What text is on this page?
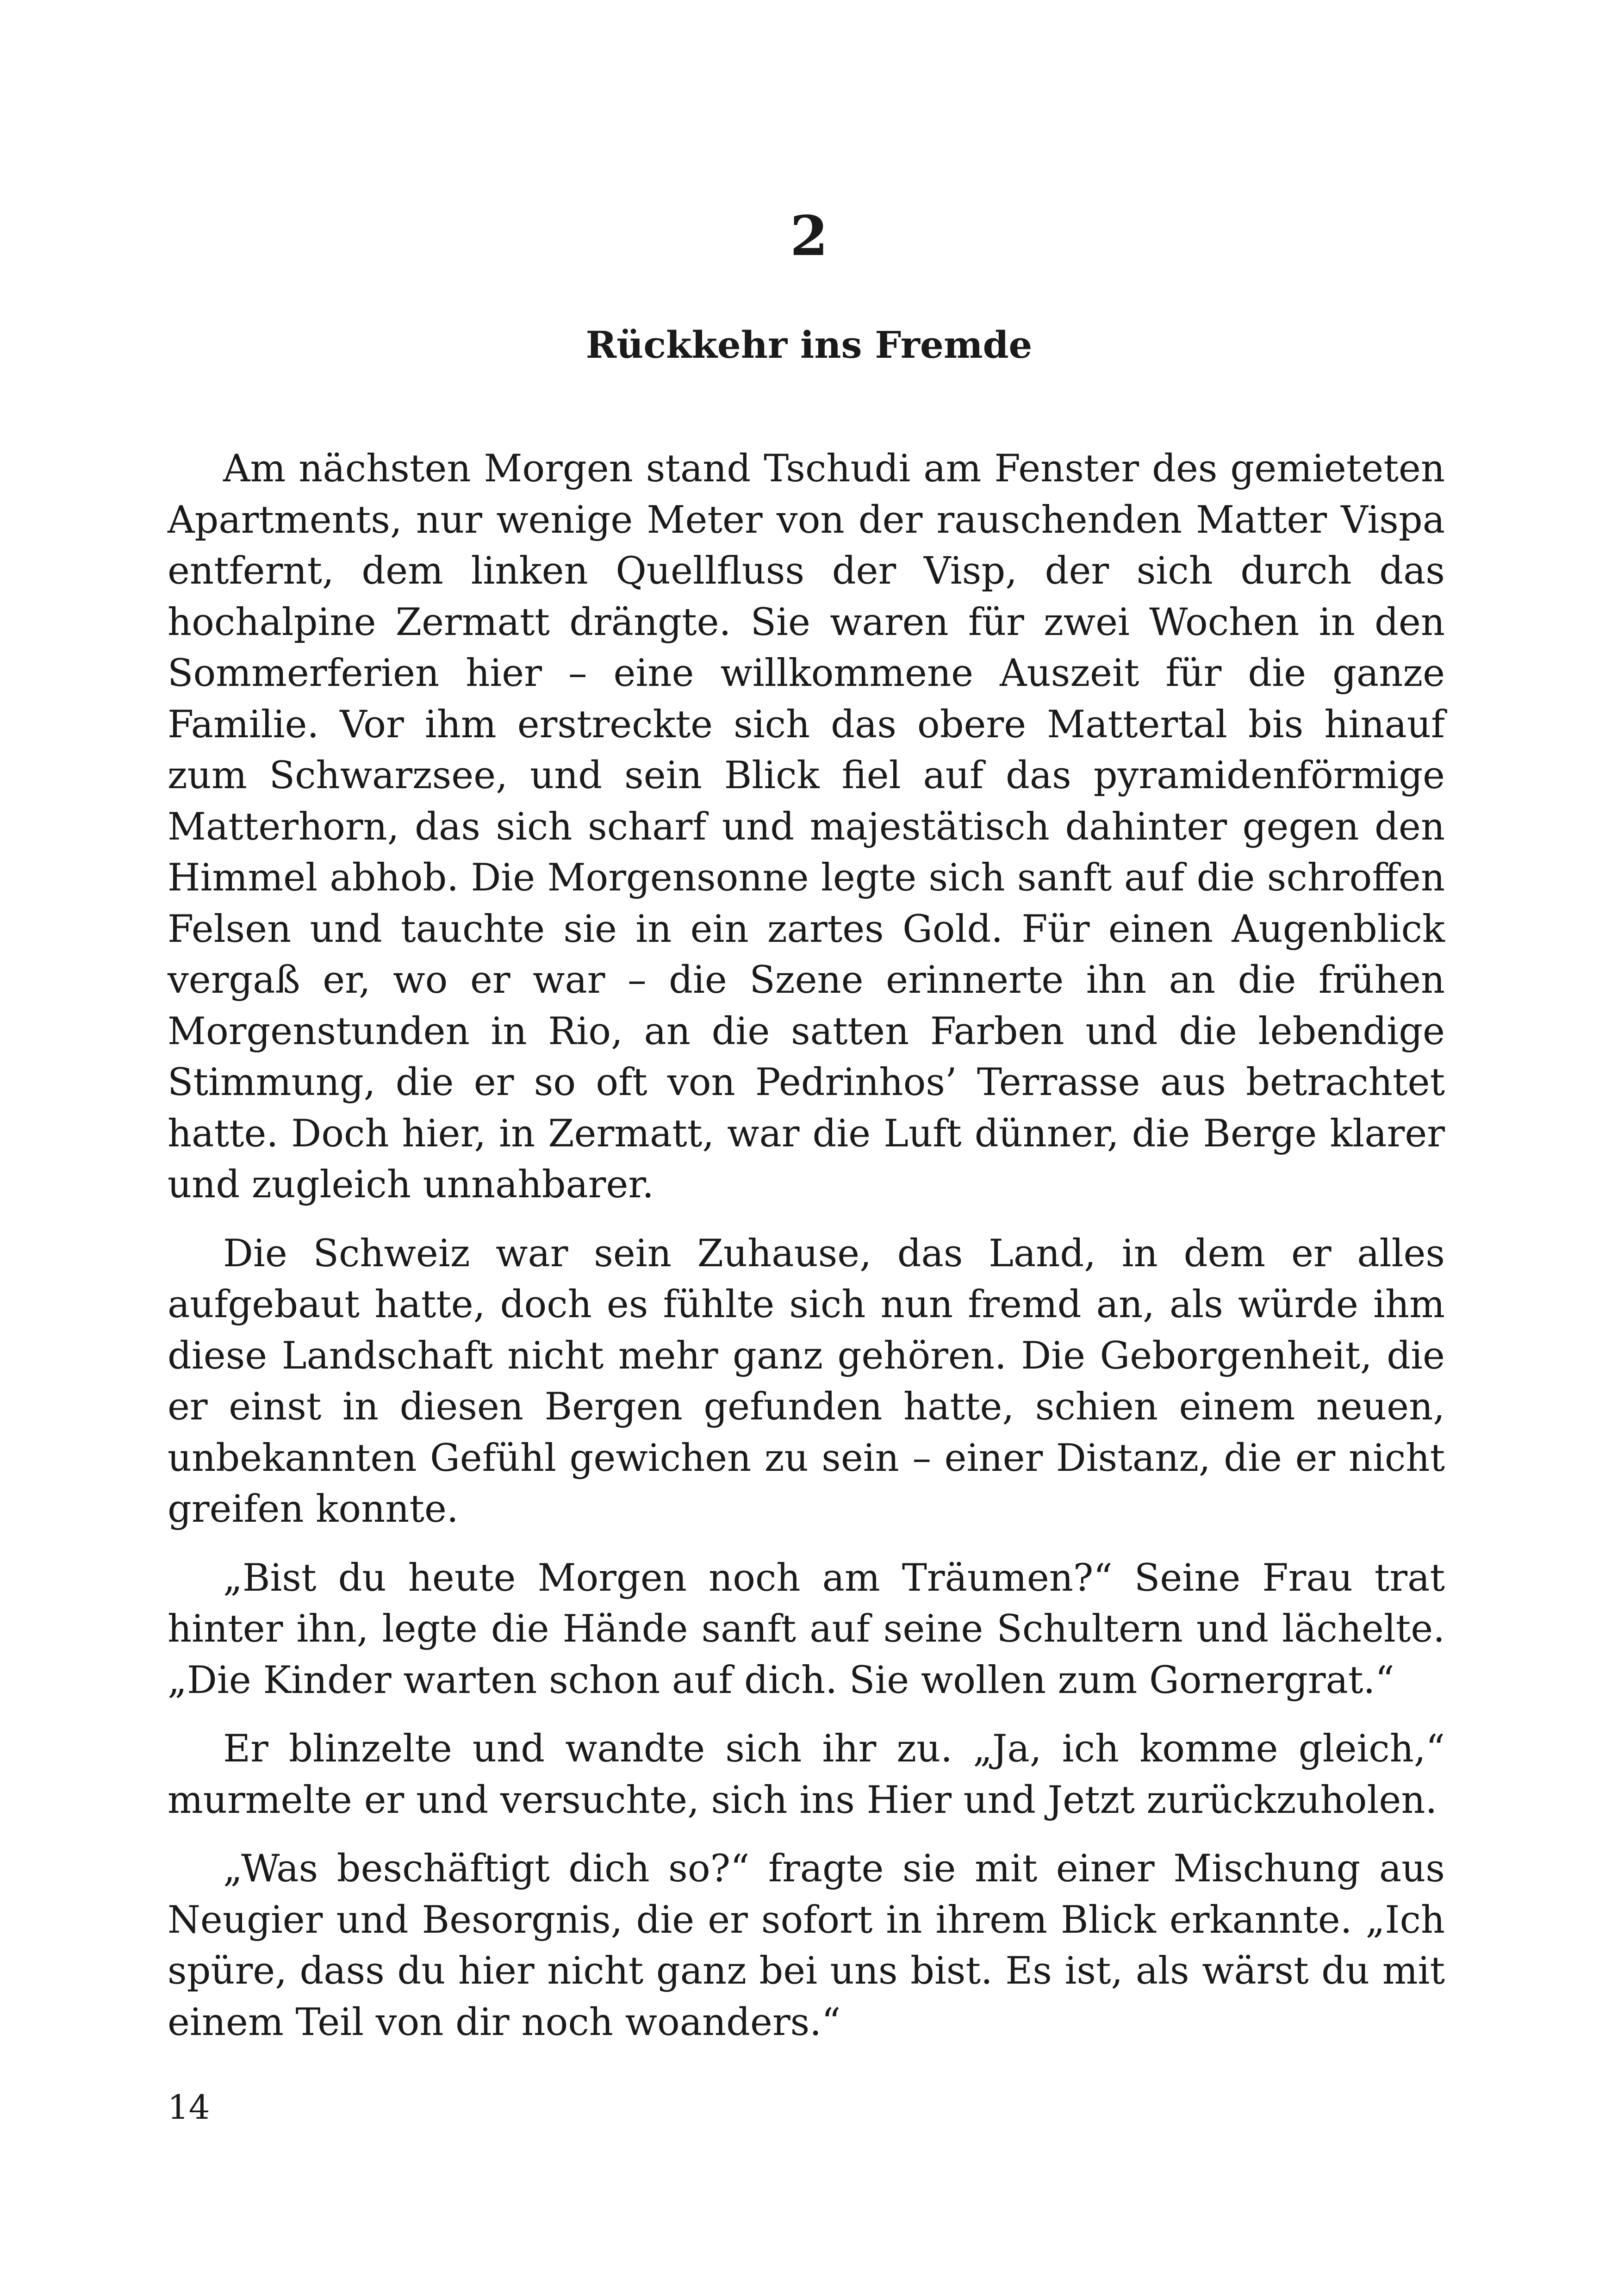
2
Rückkehr ins Fremde

Am nächsten Morgen stand Tschudi am Fenster des gemieteten Apartments, nur wenige Meter von der rauschenden Matter Vispa entfernt, dem linken Quellfluss der Visp, der sich durch das hochalpine Zermatt drängte. Sie waren für zwei Wochen in den Sommerferien hier – eine willkommene Auszeit für die ganze Familie. Vor ihm erstreckte sich das obere Mattertal bis hinauf zum Schwarzsee, und sein Blick fiel auf das pyramidenförmige Matterhorn, das sich scharf und majestätisch dahinter gegen den Himmel abhob. Die Morgensonne legte sich sanft auf die schroffen Felsen und tauchte sie in ein zartes Gold. Für einen Augenblick vergaß er, wo er war – die Szene erinnerte ihn an die frühen Morgenstunden in Rio, an die satten Farben und die lebendige Stimmung, die er so oft von Pedrinhos’ Terrasse aus betrachtet hatte. Doch hier, in Zermatt, war die Luft dünner, die Berge klarer und zugleich unnahbarer.

Die Schweiz war sein Zuhause, das Land, in dem er alles aufgebaut hatte, doch es fühlte sich nun fremd an, als würde ihm diese Landschaft nicht mehr ganz gehören. Die Geborgenheit, die er einst in diesen Bergen gefunden hatte, schien einem neuen, unbekannten Gefühl gewichen zu sein – einer Distanz, die er nicht greifen konnte.

„Bist du heute Morgen noch am Träumen?“ Seine Frau trat hinter ihn, legte die Hände sanft auf seine Schultern und lächelte. „Die Kinder warten schon auf dich. Sie wollen zum Gornergrat.“

Er blinzelte und wandte sich ihr zu. „Ja, ich komme gleich,“ murmelte er und versuchte, sich ins Hier und Jetzt zurückzuholen.

„Was beschäftigt dich so?“ fragte sie mit einer Mischung aus Neugier und Besorgnis, die er sofort in ihrem Blick erkannte. „Ich spüre, dass du hier nicht ganz bei uns bist. Es ist, als wärst du mit einem Teil von dir noch woanders.“

14
